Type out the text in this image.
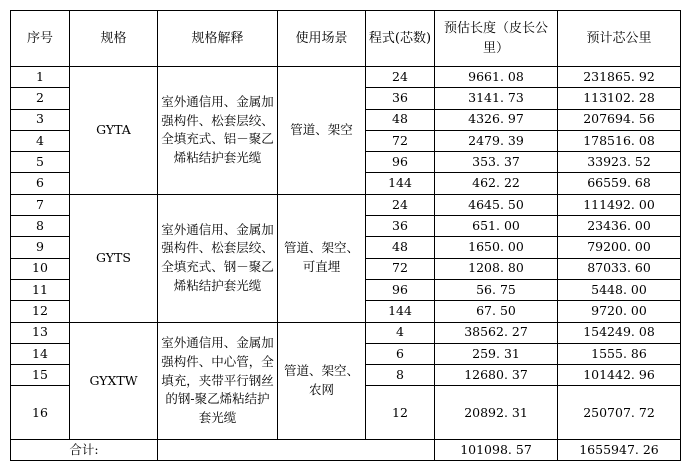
序号	规格	规格解释	使用场景	程式(芯数)	预估长度（皮长公里）	预计芯公里
1	GYTA	室外通信用、金属加强构件、松套层绞、全填充式、铝－聚乙烯粘结护套光缆	管道、架空	24	9661. 08	231865. 92
2				36	3141. 73	113102. 28
3				48	4326. 97	207694. 56
4				72	2479. 39	178516. 08
5				96	353. 37	33923. 52
6				144	462. 22	66559. 68
7	GYTS	室外通信用、金属加强构件、松套层绞、全填充式、钢－聚乙烯粘结护套光缆	管道、架空、可直埋	24	4645. 50	111492. 00
8				36	651. 00	23436. 00
9				48	1650. 00	79200. 00
10				72	1208. 80	87033. 60
11				96	56. 75	5448. 00
12				144	67. 50	9720. 00
13	GYXTW	室外通信用、金属加强构件、中心管，全填充，夹带平行钢丝的钢-聚乙烯粘结护套光缆	管道、架空、农网	4	38562. 27	154249. 08
14				6	259. 31	1555. 86
15				8	12680. 37	101442. 96
16				12	20892. 31	250707. 72
合计:					101098. 57	1655947. 26
